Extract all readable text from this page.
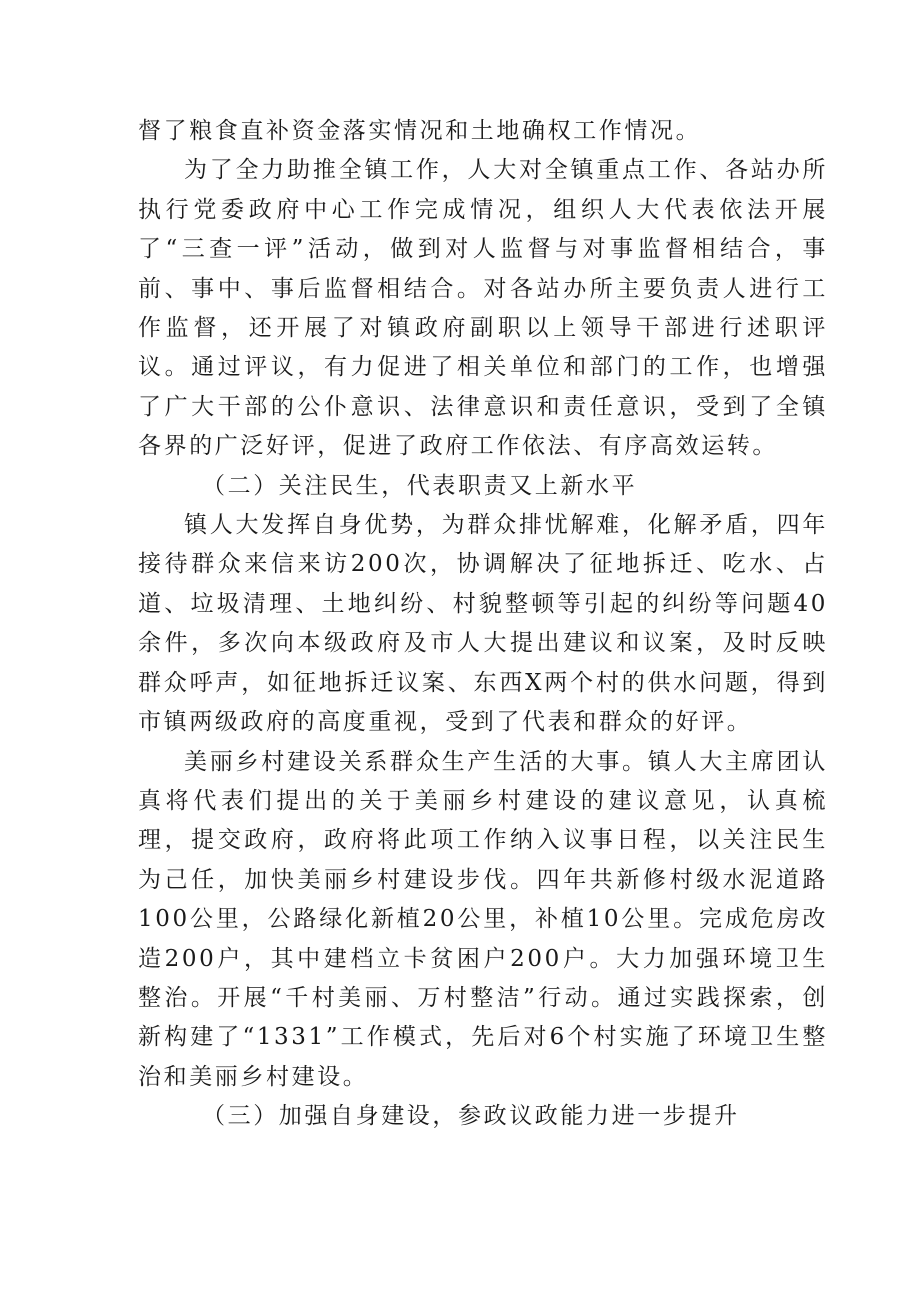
督了粮食直补资金落实情况和土地确权工作情况。

为了全力助推全镇工作，人大对全镇重点工作、各站办所执行党委政府中心工作完成情况，组织人大代表依法开展了“三查一评”活动，做到对人监督与对事监督相结合，事前、事中、事后监督相结合。对各站办所主要负责人进行工作监督，还开展了对镇政府副职以上领导干部进行述职评议。通过评议，有力促进了相关单位和部门的工作，也增强了广大干部的公仆意识、法律意识和责任意识，受到了全镇各界的广泛好评，促进了政府工作依法、有序高效运转。

（二）关注民生，代表职责又上新水平

镇人大发挥自身优势，为群众排忧解难，化解矛盾，四年接待群众来信来访200次，协调解决了征地拆迁、吃水、占道、垃圾清理、土地纠纷、村貌整顿等引起的纠纷等问题40余件，多次向本级政府及市人大提出建议和议案，及时反映群众呼声，如征地拆迁议案、东西X两个村的供水问题，得到市镇两级政府的高度重视，受到了代表和群众的好评。

美丽乡村建设关系群众生产生活的大事。镇人大主席团认真将代表们提出的关于美丽乡村建设的建议意见，认真梳理，提交政府，政府将此项工作纳入议事日程，以关注民生为己任，加快美丽乡村建设步伐。四年共新修村级水泥道路100公里，公路绿化新植20公里，补植10公里。完成危房改造200户，其中建档立卡贫困户200户。大力加强环境卫生整治。开展“千村美丽、万村整洁”行动。通过实践探索，创新构建了“1331”工作模式，先后对6个村实施了环境卫生整治和美丽乡村建设。

（三）加强自身建设，参政议政能力进一步提升
